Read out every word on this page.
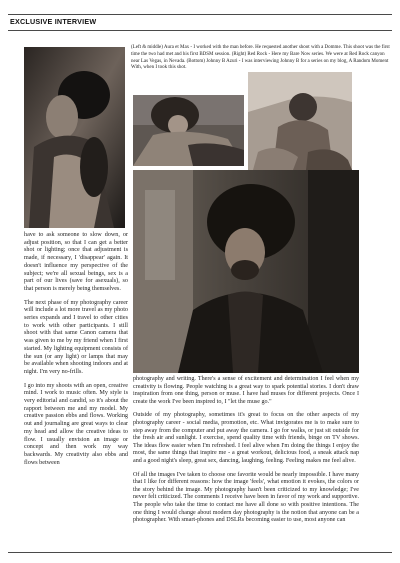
EXCLUSIVE INTERVIEW
(Left & middle) Aura et Max - I worked with the man before. He requested another shoot with a Domme. This shoot was the first time the two had met and his first BDSM session. (Right) Red Rock - Here my Bare Now series. We were at Red Rock canyon near Las Vegas, in Nevada. (Bottom) Johnny B Azuri - I was interviewing Johnny B for a series on my blog, A Random Moment With, when I took this shot.

have to ask someone to slow down, or adjust position, so that I can get a better shot or lighting; once that adjustment is made, if necessary, I 'disappear' again. It doesn't influence my perspective of the subject; we're all sexual beings, sex is a part of our lives (save for asexuals), so that person is merely being themselves.

The next phase of my photography career will include a lot more travel as my photo series expands and I travel to other cities to work with other participants. I still shoot with that same Canon camera that was given to me by my friend when I first started. My lighting equipment consists of the sun (or any light) or lamps that may be available when shooting indoors and at night. I'm very no-frills.

I go into my shoots with an open, creative mind. I work to music often. My style is very editorial and candid, so it's about the rapport between me and my model. My creative passion ebbs and flows. Working out and journaling are great ways to clear my head and allow the creative ideas to flow. I usually envision an image or concept and then work my way backwards. My creativity also ebbs and flows between

photography and writing. There's a sense of excitement and determination I feel when my creativity is flowing. People watching is a great way to spark potential stories. I don't draw inspiration from one thing, person or muse. I have had muses for different projects. Once I create the work I've been inspired to, I "let the muse go."

Outside of my photography, sometimes it's great to focus on the other aspects of my photography career - social media, promotion, etc. What invigorates me is to make sure to step away from the computer and put away the camera. I go for walks, or just sit outside for the fresh air and sunlight. I exercise, spend quality time with friends, binge on TV shows. The ideas flow easier when I'm refreshed. I feel alive when I'm doing the things I enjoy the most, the same things that inspire me - a great workout, delicious food, a sneak attack nap and a good night's sleep, great sex, dancing, laughing, feeling. Feeling makes me feel alive.

Of all the images I've taken to choose one favorite would be nearly impossible. I have many that I like for different reasons: how the image 'feels', what emotion it evokes, the colors or the story behind the image. My photography hasn't been criticized to my knowledge; I've never felt criticized. The comments I receive have been in favor of my work and supportive. The people who take the time to contact me have all done so with positive intentions. The one thing I would change about modern day photography is the notion that anyone can be a photographer. With smart-phones and DSLRs becoming easier to use, most anyone can
